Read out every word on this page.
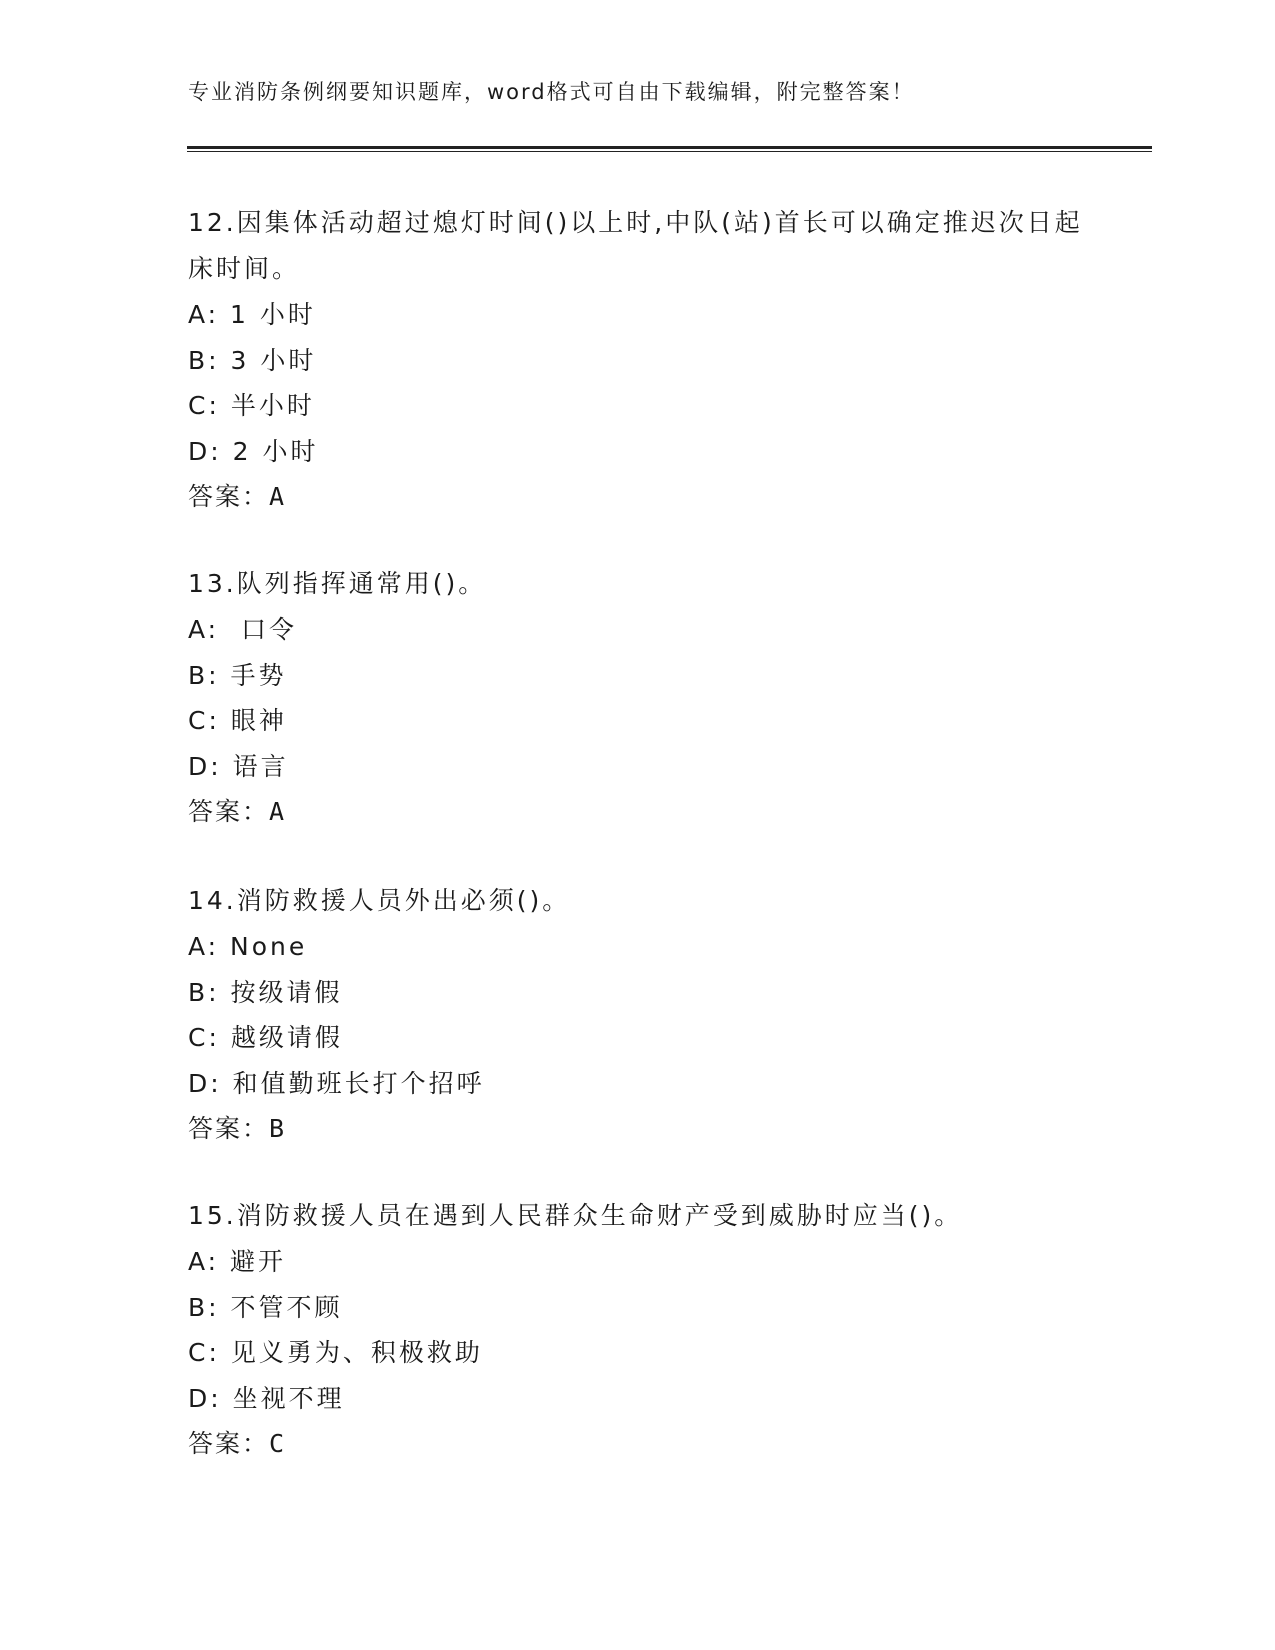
专业消防条例纲要知识题库，word格式可自由下载编辑，附完整答案！
12.因集体活动超过熄灯时间()以上时,中队(站)首长可以确定推迟次日起床时间。
A: 1 小时
B: 3 小时
C: 半小时
D: 2 小时
答案：A
13.队列指挥通常用()。
A:  口令
B: 手势
C: 眼神
D: 语言
答案：A
14.消防救援人员外出必须()。
A: None
B: 按级请假
C: 越级请假
D: 和值勤班长打个招呼
答案：B
15.消防救援人员在遇到人民群众生命财产受到威胁时应当()。
A: 避开
B: 不管不顾
C: 见义勇为、积极救助
D: 坐视不理
答案：C
